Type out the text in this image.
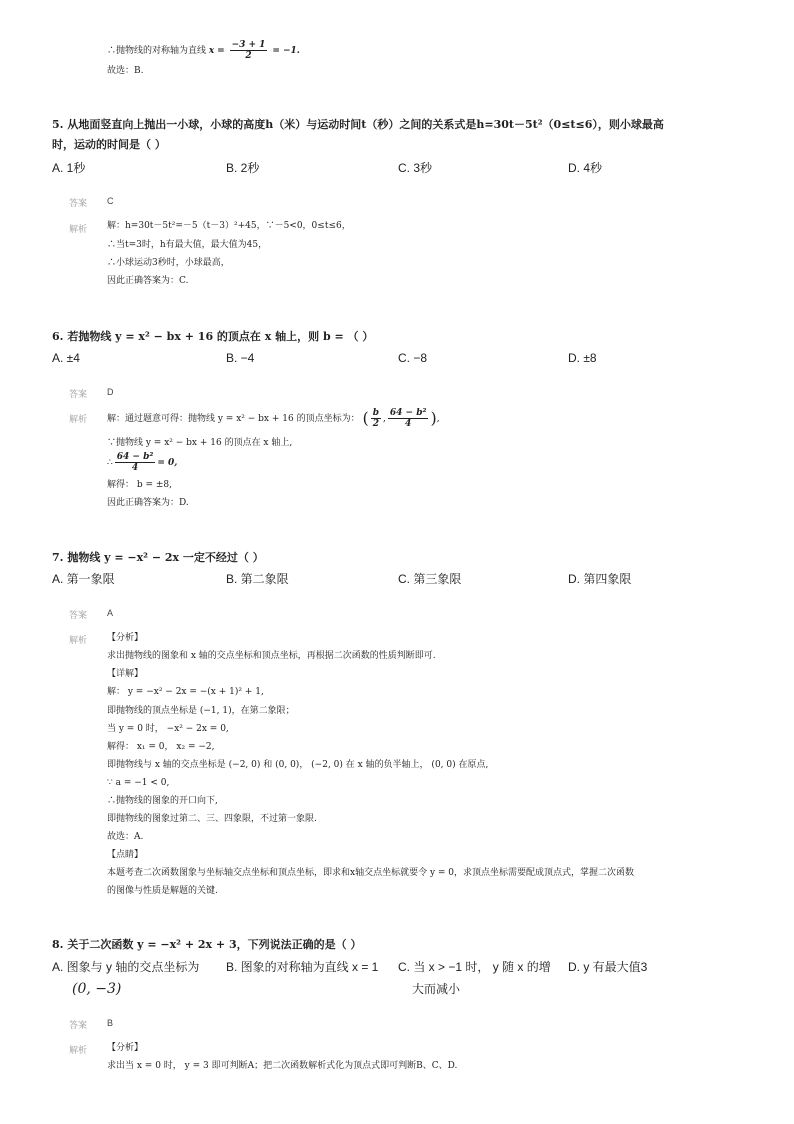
∴抛物线的对称轴为直线 $x = \frac{-3 + 1}{2} = -1$.
故选：B.
5. 从地面竖直向上抛出一小球，小球的高度h（米）与运动时间t（秒）之间的关系式是h=30t－5t²（0≤t≤6），则小球最高
时，运动的时间是（ ）
A. 1秒	B. 2秒	C. 3秒	D. 4秒
答案 C
解析 解：h=30t－5t²=－5（t－3）²+45，∵－5<0，0≤t≤6，
∴当t=3时，h有最大值，最大值为45，
∴小球运动3秒时，小球最高，
因此正确答案为：C.
6. 若抛物线 y = x² − bx + 16 的顶点在 x 轴上，则 b = （ ）
A. ±4	B. −4	C. −8	D. ±8
答案 D
解析 解：通过题意可得：抛物线 y = x² − bx + 16 的顶点坐标为： ( $\frac{b}{2}$ , $\frac{\text{64 − b²}}{4}$ ),
∵抛物线 y = x² − bx + 16 的顶点在 x 轴上,
∴ $\frac{\text{64 − b²}}{4} = 0$,
解得： b = ±8,
因此正确答案为：D.
7. 抛物线 y = −x² − 2x 一定不经过（ ）
A. 第一象限	B. 第二象限	C. 第三象限	D. 第四象限
答案 A
解析 【分析】
求出抛物线的图象和 x 轴的交点坐标和顶点坐标，再根据二次函数的性质判断即可.
【详解】
解： y = −x² − 2x = −(x + 1)² + 1,
即抛物线的顶点坐标是 (−1, 1)，在第二象限；
当 y = 0 时， −x² − 2x = 0,
解得： x₁ = 0， x₂ = −2,
即抛物线与 x 轴的交点坐标是 (−2, 0) 和 (0, 0)， (−2, 0) 在 x 轴的负半轴上， (0, 0) 在原点,
∵ a = −1 < 0,
∴抛物线的图象的开口向下,
即抛物线的图象过第二、三、四象限，不过第一象限.
故选：A.
【点睛】
本题考查二次函数图象与坐标轴交点坐标和顶点坐标，即求和x轴交点坐标就要令 y = 0，求顶点坐标需要配成顶点式，掌握二次函数
的图像与性质是解题的关键.
8. 关于二次函数 y = −x² + 2x + 3，下列说法正确的是（ ）
A. 图象与 y 轴的交点坐标为
(0, −3)
B. 图象的对称轴为直线 x = 1 C. 当 x > −1 时， y 随 x 的增
大而减小
D. y 有最大值3
答案 B
解析 【分析】
求出当 x = 0 时， y = 3 即可判断A；把二次函数解析式化为顶点式即可判断B、C、D.
